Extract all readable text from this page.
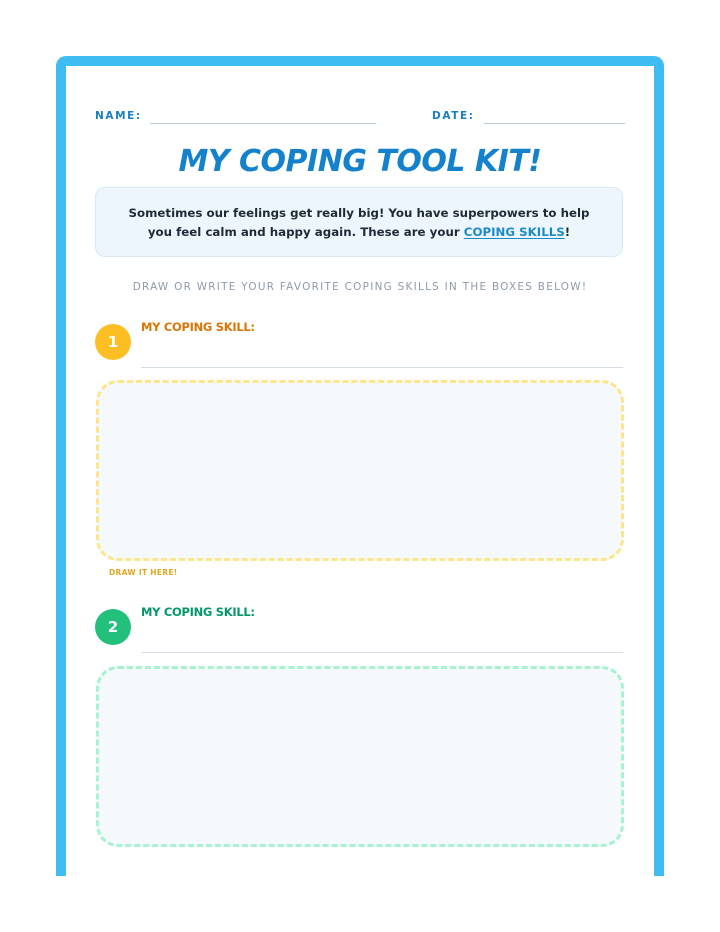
NAME:	DATE:
MY COPING TOOL KIT!
Sometimes our feelings get really big! You have superpowers to help you feel calm and happy again. These are your COPING SKILLS!
DRAW OR WRITE YOUR FAVORITE COPING SKILLS IN THE BOXES BELOW!
1
MY COPING SKILL:
DRAW IT HERE!
2
MY COPING SKILL:
